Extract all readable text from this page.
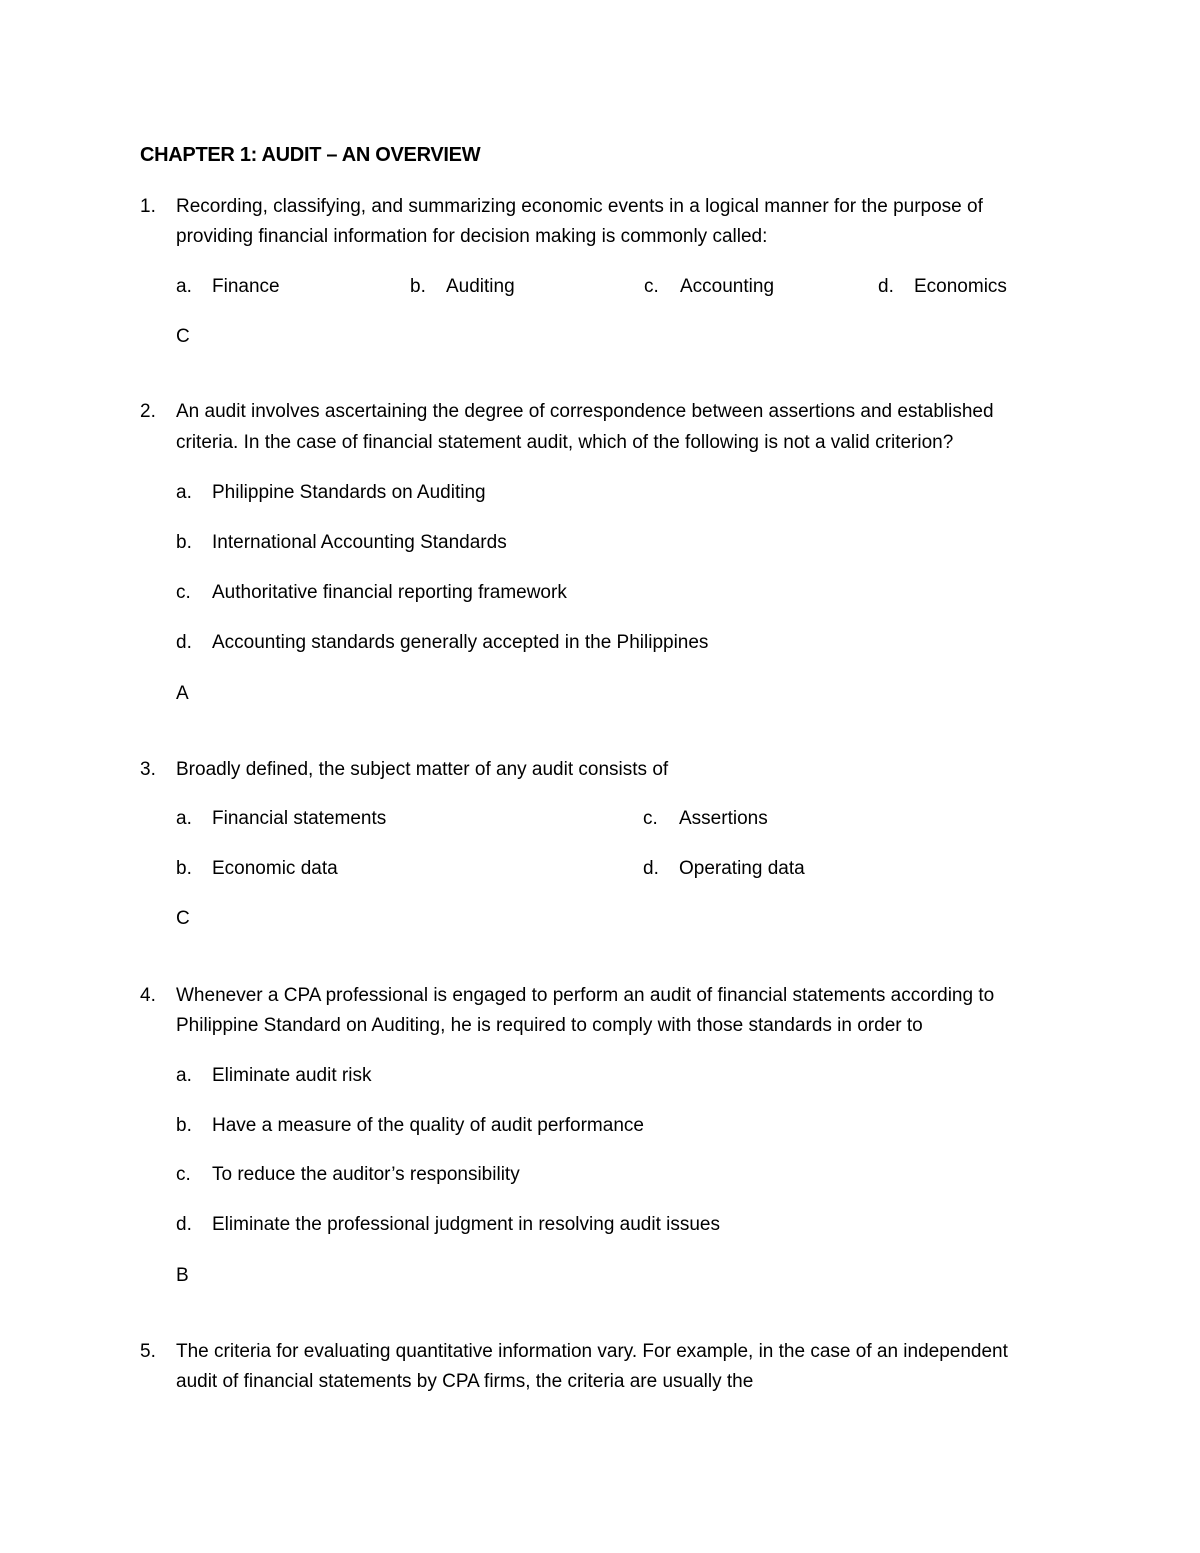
CHAPTER 1: AUDIT – AN OVERVIEW
1. Recording, classifying, and summarizing economic events in a logical manner for the purpose of
providing financial information for decision making is commonly called:
a. Finance	b. Auditing	c. Accounting	d. Economics
C
2. An audit involves ascertaining the degree of correspondence between assertions and established
criteria. In the case of financial statement audit, which of the following is not a valid criterion?
a. Philippine Standards on Auditing
b. International Accounting Standards
c. Authoritative financial reporting framework
d. Accounting standards generally accepted in the Philippines
A
3. Broadly defined, the subject matter of any audit consists of
a. Financial statements	c. Assertions
b. Economic data	d. Operating data
C
4. Whenever a CPA professional is engaged to perform an audit of financial statements according to
Philippine Standard on Auditing, he is required to comply with those standards in order to
a. Eliminate audit risk
b. Have a measure of the quality of audit performance
c. To reduce the auditor’s responsibility
d. Eliminate the professional judgment in resolving audit issues
B
5. The criteria for evaluating quantitative information vary. For example, in the case of an independent
audit of financial statements by CPA firms, the criteria are usually the
